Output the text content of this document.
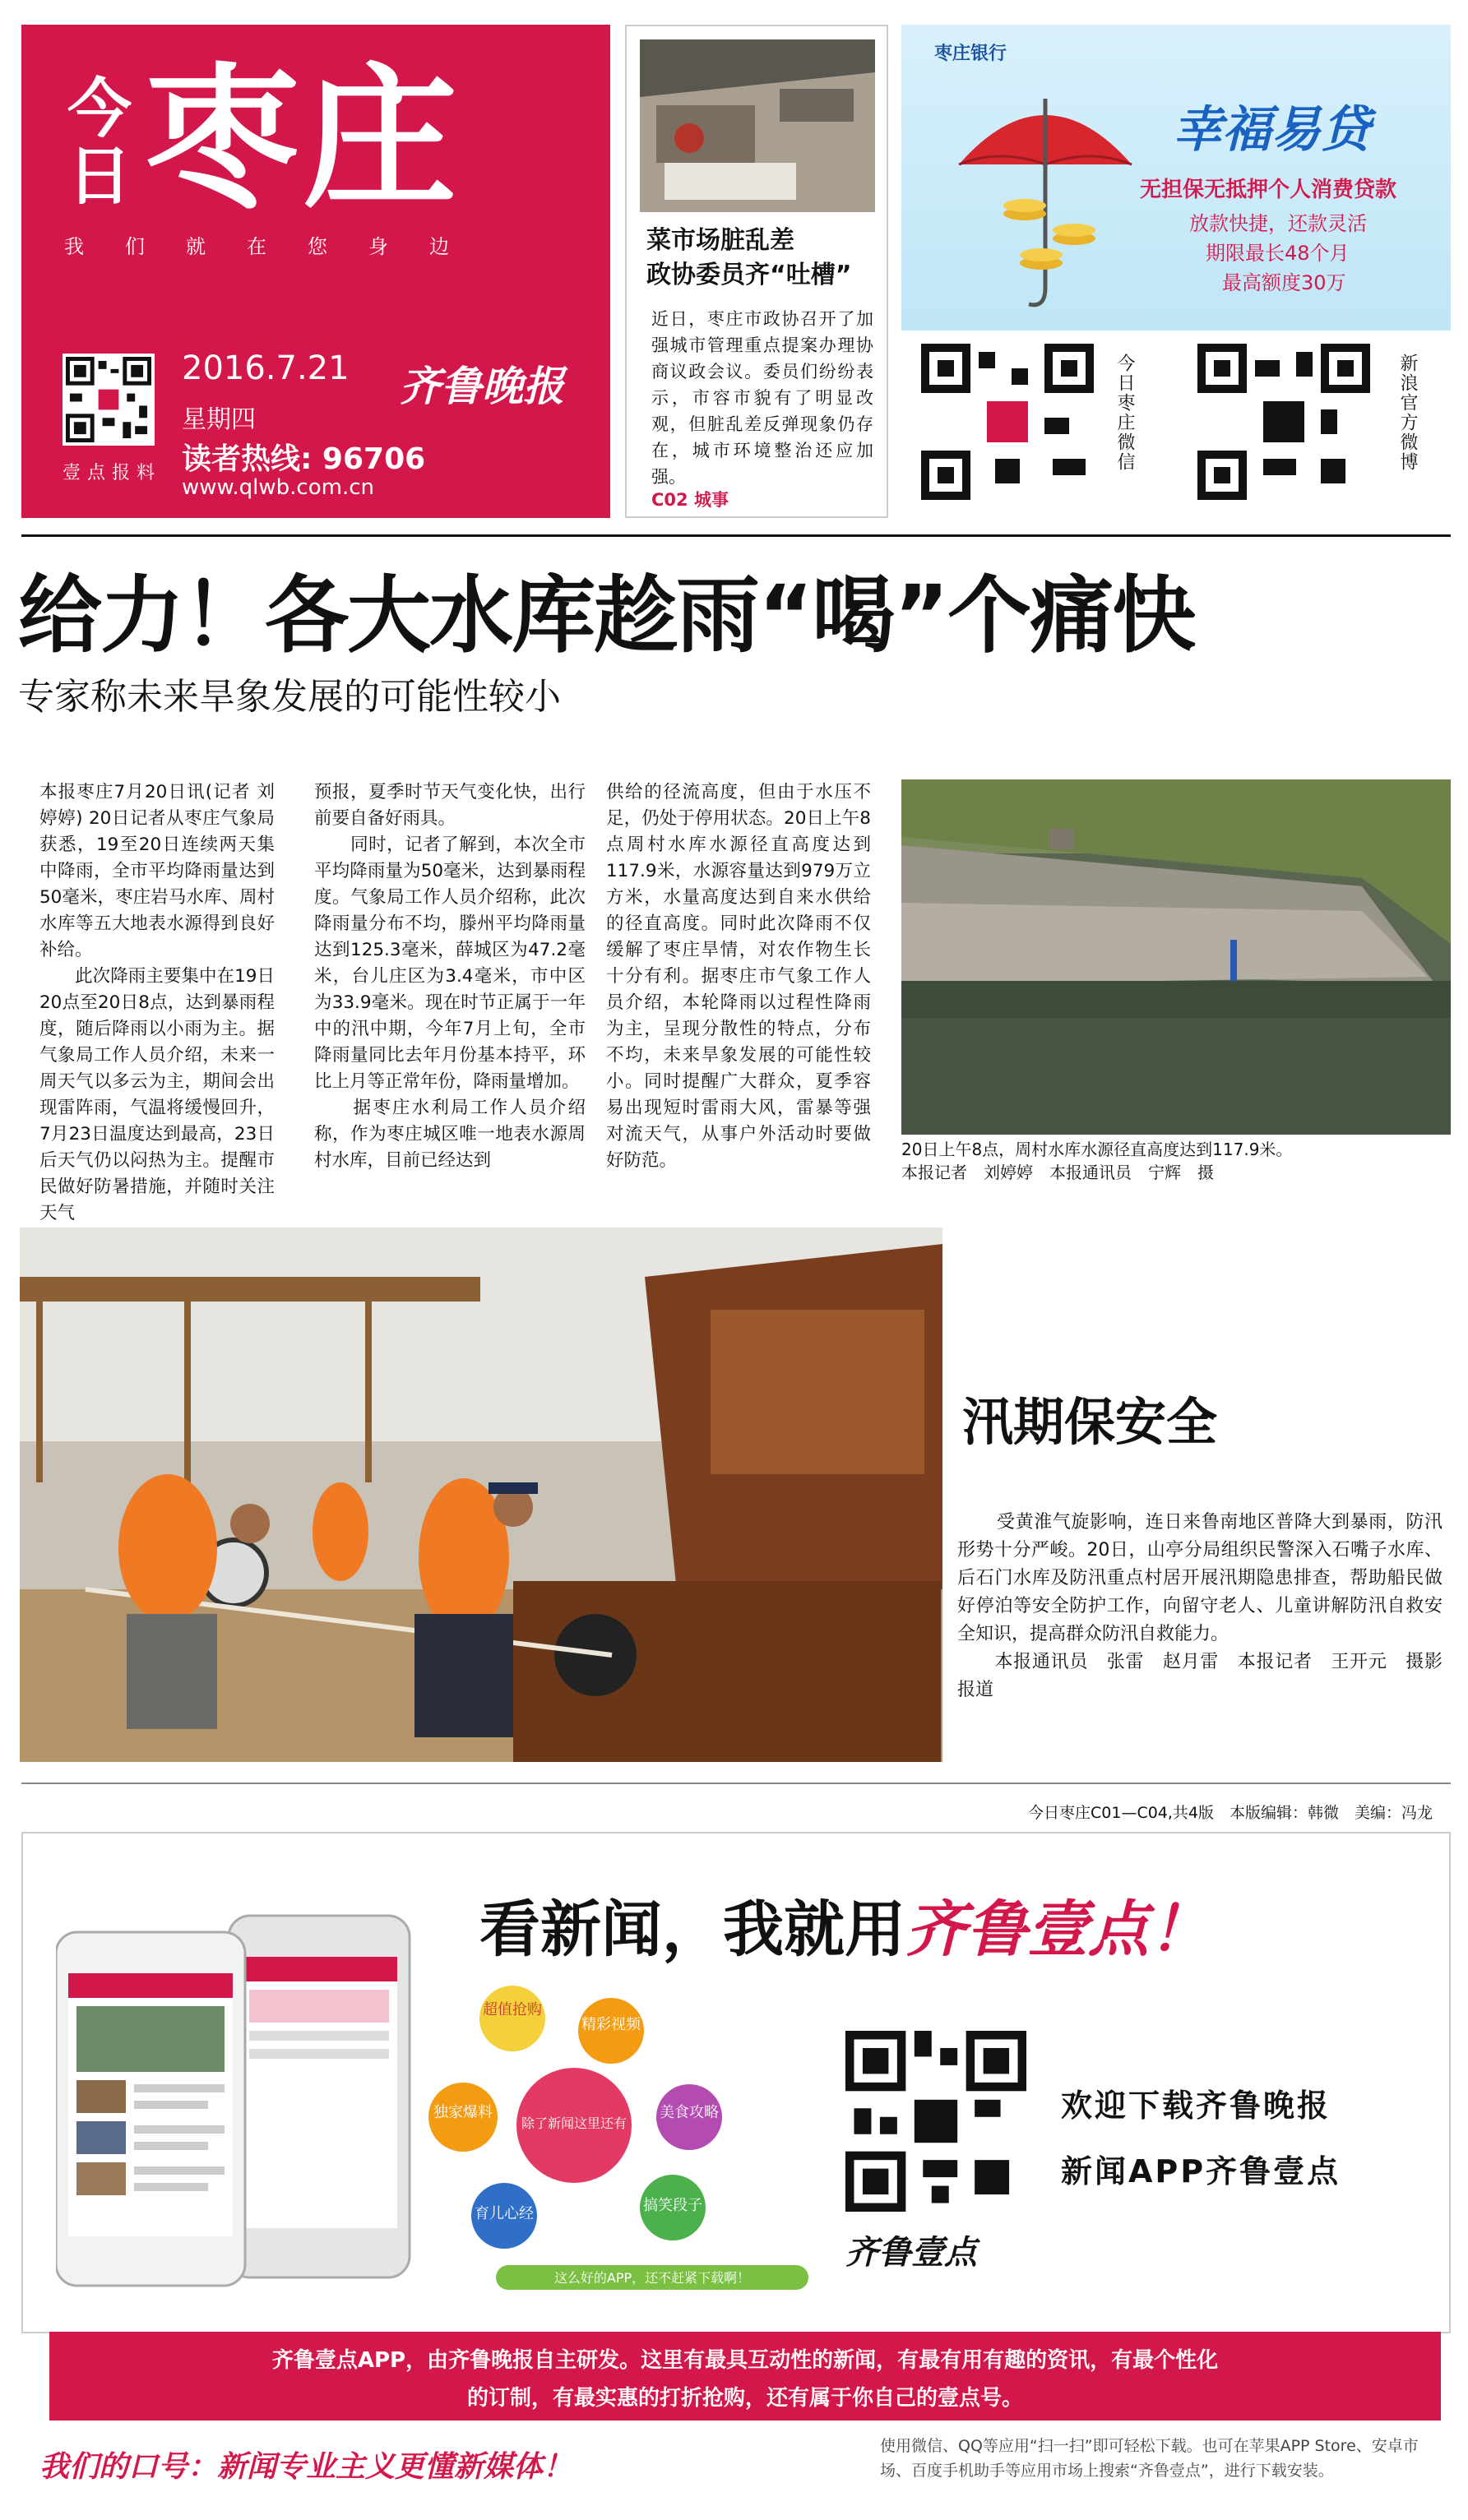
今日 枣庄
我们就在您身边
壹点报料
2016.7.21
星期四
读者热线: 96706
www.qlwb.com.cn
齐鲁晚报
菜市场脏乱差
政协委员齐“吐槽”
近日，枣庄市政协召开了加强城市管理重点提案办理协商议政会议。委员们纷纷表示，市容市貌有了明显改观，但脏乱差反弹现象仍存在，城市环境整治还应加强。
C02 城事
枣庄银行
幸福易贷
无担保无抵押个人消费贷款
放款快捷，还款灵活
期限最长48个月
最高额度30万
今日枣庄微信	新浪官方微博
给力！各大水库趁雨“喝”个痛快
专家称未来旱象发展的可能性较小
本报枣庄7月20日讯(记者 刘婷婷) 20日记者从枣庄气象局获悉，19至20日连续两天集中降雨，全市平均降雨量达到50毫米，枣庄岩马水库、周村水库等五大地表水源得到良好补给。
　　此次降雨主要集中在19日20点至20日8点，达到暴雨程度，随后降雨以小雨为主。据气象局工作人员介绍，未来一周天气以多云为主，期间会出现雷阵雨，气温将缓慢回升，7月23日温度达到最高，23日后天气仍以闷热为主。提醒市民做好防暑措施，并随时关注天气
预报，夏季时节天气变化快，出行前要自备好雨具。
　　同时，记者了解到，本次全市平均降雨量为50毫米，达到暴雨程度。气象局工作人员介绍称，此次降雨量分布不均，滕州平均降雨量达到125.3毫米，薛城区为47.2毫米，台儿庄区为3.4毫米，市中区为33.9毫米。现在时节正属于一年中的汛中期，今年7月上旬，全市降雨量同比去年月份基本持平，环比上月等正常年份，降雨量增加。
　　据枣庄水利局工作人员介绍称，作为枣庄城区唯一地表水源周村水库，目前已经达到
供给的径流高度，但由于水压不足，仍处于停用状态。20日上午8点周村水库水源径直高度达到117.9米，水源容量达到979万立方米，水量高度达到自来水供给的径直高度。同时此次降雨不仅缓解了枣庄旱情，对农作物生长十分有利。据枣庄市气象工作人员介绍，本轮降雨以过程性降雨为主，呈现分散性的特点，分布不均，未来旱象发展的可能性较小。同时提醒广大群众，夏季容易出现短时雷雨大风，雷暴等强对流天气，从事户外活动时要做好防范。
20日上午8点，周村水库水源径直高度达到117.9米。
本报记者　刘婷婷　本报通讯员　宁辉　摄
汛期保安全
受黄淮气旋影响，连日来鲁南地区普降大到暴雨，防汛形势十分严峻。20日，山亭分局组织民警深入石嘴子水库、后石门水库及防汛重点村居开展汛期隐患排查，帮助船民做好停泊等安全防护工作，向留守老人、儿童讲解防汛自救安全知识，提高群众防汛自救能力。
　　本报通讯员　张雷　赵月雷　本报记者　王开元　摄影报道
今日枣庄C01—C04,共4版　本版编辑：韩微　美编：冯龙
看新闻，我就用齐鲁壹点！
超值抢购
精彩视频
独家爆料	美食攻略
除了新闻这里还有
搞笑段子
育儿心经
这么好的APP，还不赶紧下载啊！
齐鲁壹点
欢迎下载齐鲁晚报
新闻APP齐鲁壹点
齐鲁壹点APP，由齐鲁晚报自主研发。这里有最具互动性的新闻，有最有用有趣的资讯，有最个性化
的订制，有最实惠的打折抢购，还有属于你自己的壹点号。
我们的口号：新闻专业主义更懂新媒体！
使用微信、QQ等应用“扫一扫”即可轻松下载。也可在苹果APP Store、安卓市场、百度手机助手等应用市场上搜索“齐鲁壹点”，进行下载安装。
